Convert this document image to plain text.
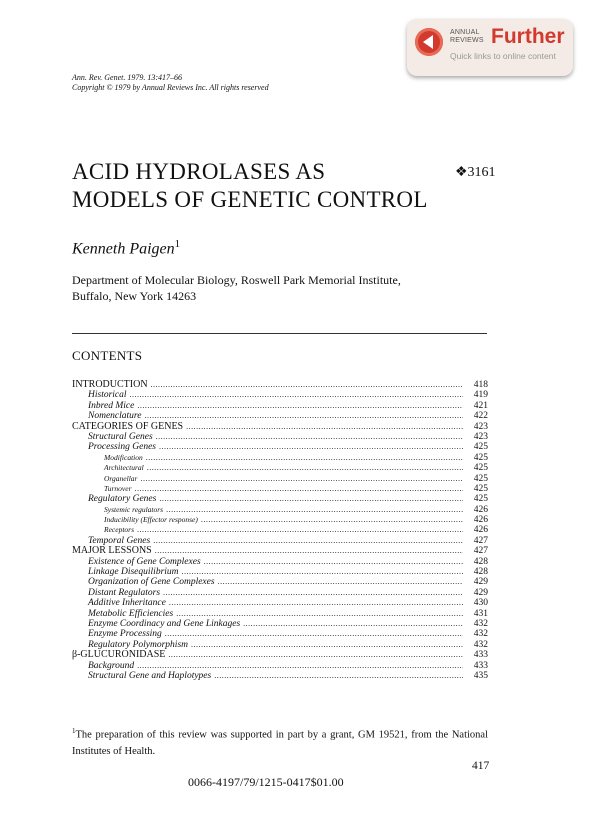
ANNUAL
REVIEWS Further
Quick links to online content
Ann. Rev. Genet. 1979. 13:417–66
Copyright © 1979 by Annual Reviews Inc. All rights reserved
ACID HYDROLASES AS
MODELS OF GENETIC CONTROL
❖3161
Kenneth Paigen$^1$
Department of Molecular Biology, Roswell Park Memorial Institute,
Buffalo, New York 14263
CONTENTS
INTRODUCTION .....	418
Historical .....	419
Inbred Mice .....	421
Nomenclature .....	422
CATEGORIES OF GENES .....	423
Structural Genes .....	423
Processing Genes .....	425
Modification .....	425
Architectural .....	425
Organellar .....	425
Turnover .....	425
Regulatory Genes .....	425
Systemic regulators .....	426
Inducibility (Effector response) .....	426
Receptors .....	426
Temporal Genes .....	427
MAJOR LESSONS .....	427
Existence of Gene Complexes .....	428
Linkage Disequilibrium .....	428
Organization of Gene Complexes .....	429
Distant Regulators .....	429
Additive Inheritance .....	430
Metabolic Efficiencies .....	431
Enzyme Coordinacy and Gene Linkages .....	432
Enzyme Processing .....	432
Regulatory Polymorphism .....	432
β-GLUCURONIDASE .....	433
Background .....	433
Structural Gene and Haplotypes .....	435
$^1$The preparation of this review was supported in part by a grant, GM 19521, from the National Institutes of Health.
417
0066-4197/79/1215-0417$01.00
